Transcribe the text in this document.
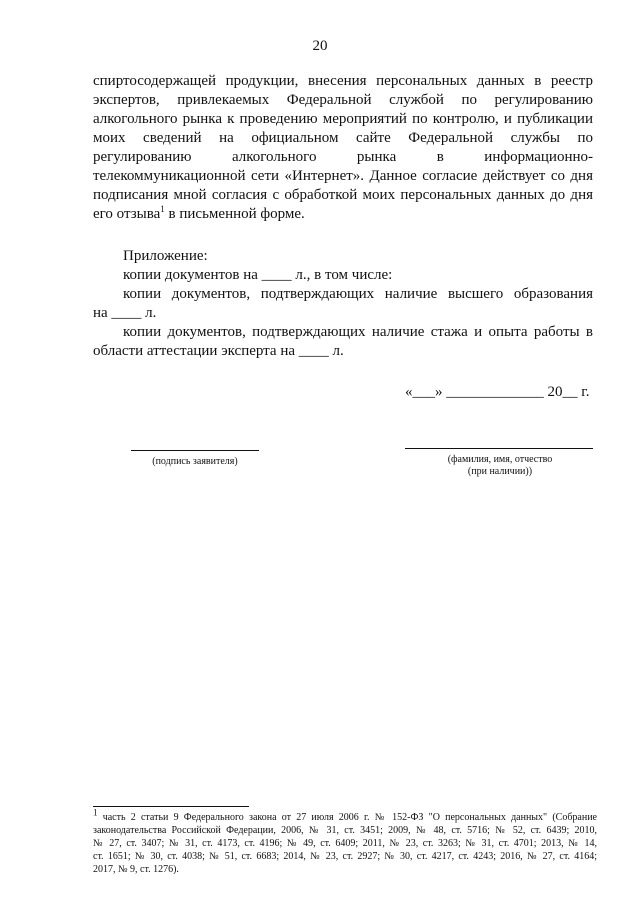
20
спиртосодержащей продукции, внесения персональных данных в реестр
экспертов, привлекаемых Федеральной службой по регулированию
алкогольного рынка к проведению мероприятий по контролю, и публикации
моих сведений на официальном сайте Федеральной службы по
регулированию алкогольного рынка в информационно-
телекоммуникационной сети «Интернет». Данное согласие действует со дня
подписания мной согласия с обработкой моих персональных данных до дня
его отзыва$^1$ в письменной форме.
Приложение:
копии документов на ____ л., в том числе:
копии документов, подтверждающих наличие высшего образования
на ____ л.
копии документов, подтверждающих наличие стажа и опыта работы в
области аттестации эксперта на ____ л.
«___» _____________ 20__ г.
(подпись заявителя)	(фамилия, имя, отчество
(при наличии))
$^1$ часть 2 статьи 9 Федерального закона от 27 июля 2006 г. № 152-ФЗ "О персональных данных" (Собрание
законодательства Российской Федерации, 2006, № 31, ст. 3451; 2009, № 48, ст. 5716; № 52, ст. 6439; 2010,
№ 27, ст. 3407; № 31, ст. 4173, ст. 4196; № 49, ст. 6409; 2011, № 23, ст. 3263; № 31, ст. 4701; 2013, № 14,
ст. 1651; № 30, ст. 4038; № 51, ст. 6683; 2014, № 23, ст. 2927; № 30, ст. 4217, ст. 4243; 2016, № 27, ст. 4164;
2017, № 9, ст. 1276).
